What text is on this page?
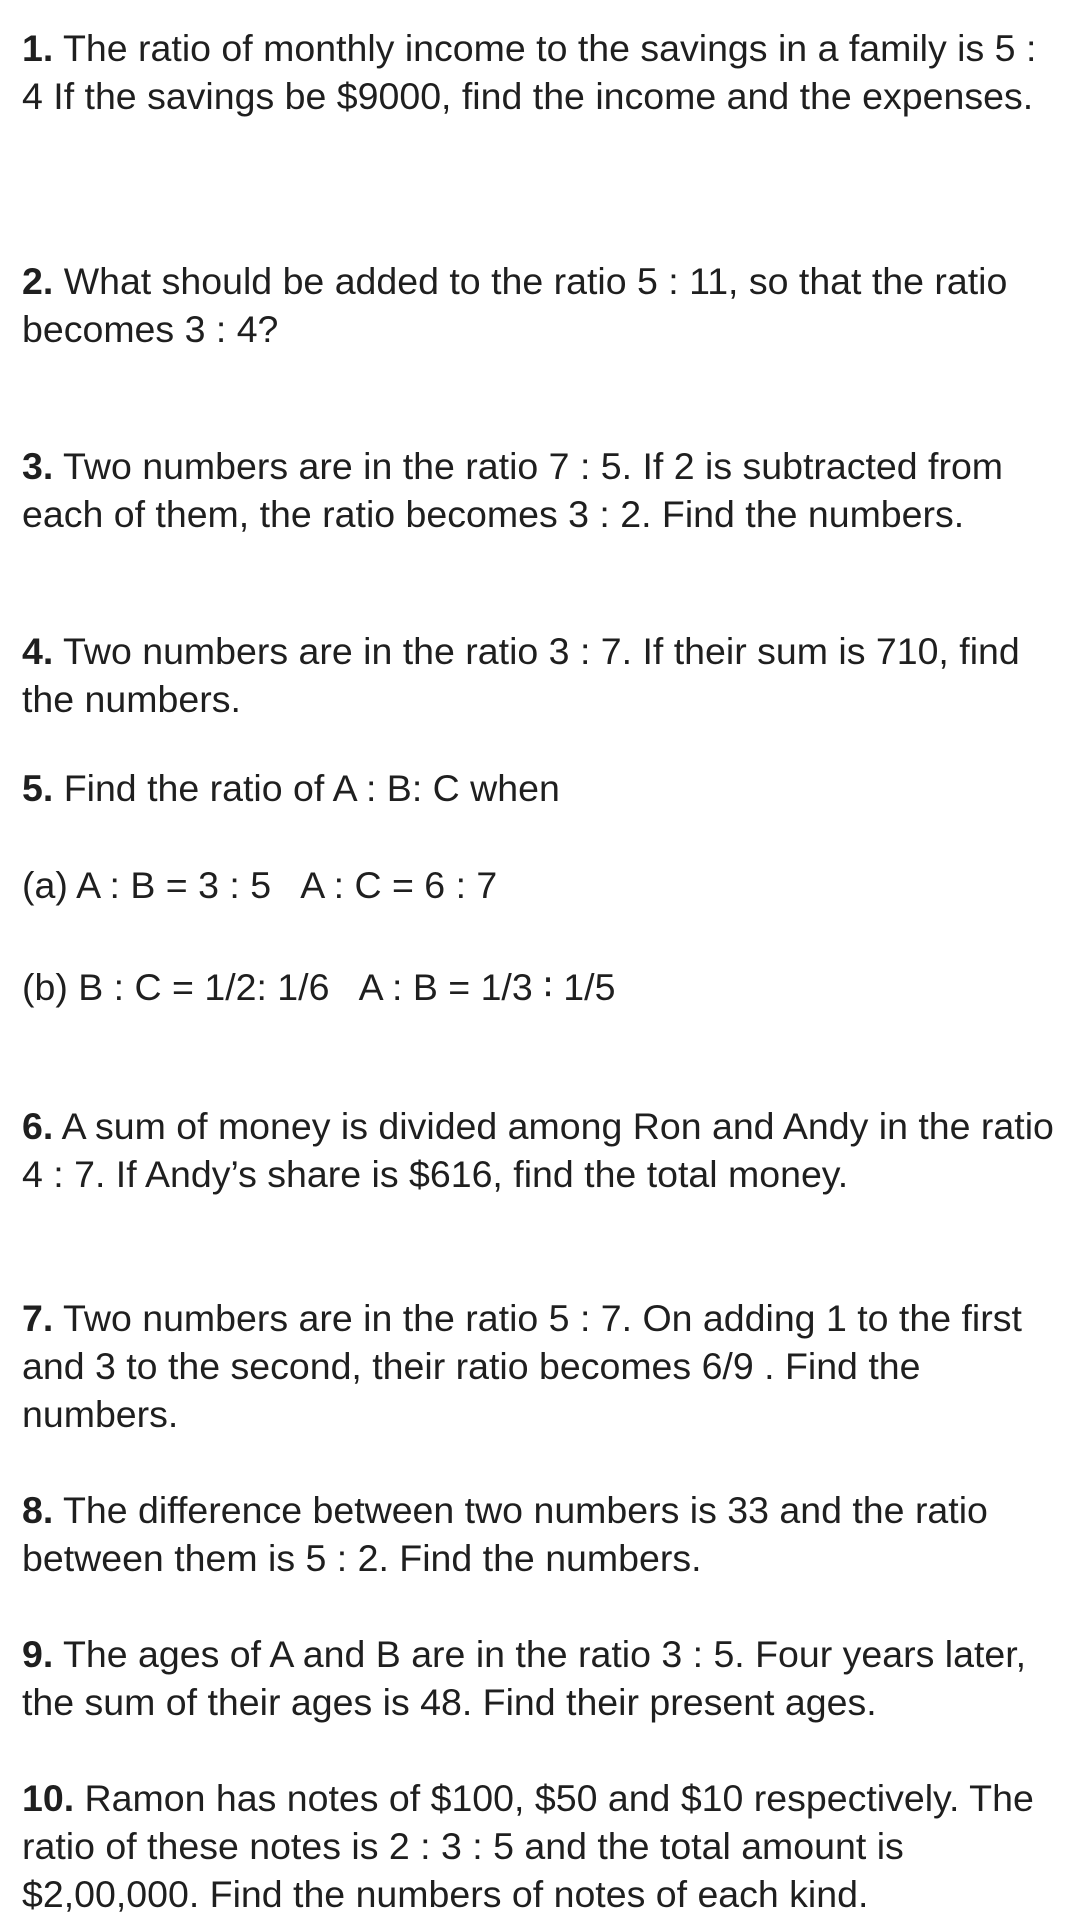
1. The ratio of monthly income to the savings in a family is 5 : 4 If the savings be $9000, find the income and the expenses.

2. What should be added to the ratio 5 : 11, so that the ratio becomes 3 : 4?

3. Two numbers are in the ratio 7 : 5. If 2 is subtracted from each of them, the ratio becomes 3 : 2. Find the numbers.

4. Two numbers are in the ratio 3 : 7. If their sum is 710, find the numbers.

5. Find the ratio of A : B: C when

(a) A : B = 3 : 5   A : C = 6 : 7

(b) B : C = 1/2: 1/6   A : B = 1/3 ∶ 1/5

6. A sum of money is divided among Ron and Andy in the ratio 4 : 7. If Andy’s share is $616, find the total money.

7. Two numbers are in the ratio 5 : 7. On adding 1 to the first and 3 to the second, their ratio becomes 6/9 . Find the numbers.

8. The difference between two numbers is 33 and the ratio between them is 5 : 2. Find the numbers.

9. The ages of A and B are in the ratio 3 : 5. Four years later, the sum of their ages is 48. Find their present ages.

10. Ramon has notes of $100, $50 and $10 respectively. The ratio of these notes is 2 : 3 : 5 and the total amount is $2,00,000. Find the numbers of notes of each kind.
